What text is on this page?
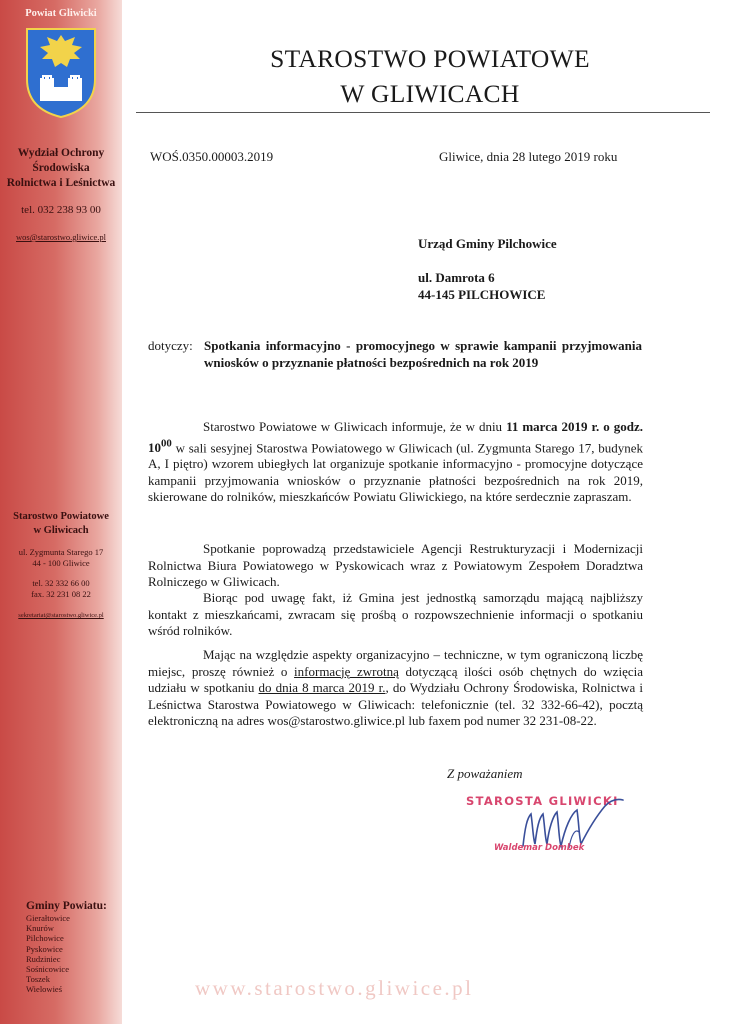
Powiat Gliwicki
Wydział Ochrony
Środowiska
Rolnictwa i Leśnictwa
tel. 032 238 93 00
wos@starostwo.gliwice.pl
Starostwo Powiatowe
w Gliwicach
ul. Zygmunta Starego 17
44 - 100 Gliwice
tel. 32 332 66 00
fax. 32 231 08 22
sekretariat@starostwo.gliwice.pl
Gminy Powiatu:
Gierałtowice
Knurów
Pilchowice
Pyskowice
Rudziniec
Sośnicowice
Toszek
Wielowieś
STAROSTWO POWIATOWE
W GLIWICACH
WOŚ.0350.00003.2019	Gliwice, dnia 28 lutego 2019 roku
Urząd Gminy Pilchowice
ul. Damrota 6
44-145 PILCHOWICE
dotyczy: Spotkania informacyjno - promocyjnego w sprawie kampanii przyjmowania wniosków o przyznanie płatności bezpośrednich na rok 2019
Starostwo Powiatowe w Gliwicach informuje, że w dniu 11 marca 2019 r. o godz. $10^{00}$ w sali sesyjnej Starostwa Powiatowego w Gliwicach (ul. Zygmunta Starego 17, budynek A, I piętro) wzorem ubiegłych lat organizuje spotkanie informacyjno - promocyjne dotyczące kampanii przyjmowania wniosków o przyznanie płatności bezpośrednich na rok 2019, skierowane do rolników, mieszkańców Powiatu Gliwickiego, na które serdecznie zapraszam.
Spotkanie poprowadzą przedstawiciele Agencji Restrukturyzacji i Modernizacji Rolnictwa Biura Powiatowego w Pyskowicach wraz z Powiatowym Zespołem Doradztwa Rolniczego w Gliwicach.
Biorąc pod uwagę fakt, iż Gmina jest jednostką samorządu mającą najbliższy kontakt z mieszkańcami, zwracam się prośbą o rozpowszechnienie informacji o spotkaniu wśród rolników.
Mając na względzie aspekty organizacyjno – techniczne, w tym ograniczoną liczbę miejsc, proszę również o informację zwrotną dotyczącą ilości osób chętnych do wzięcia udziału w spotkaniu do dnia 8 marca 2019 r., do Wydziału Ochrony Środowiska, Rolnictwa i Leśnictwa Starostwa Powiatowego w Gliwicach: telefonicznie (tel. 32 332-66-42), pocztą elektroniczną na adres wos@starostwo.gliwice.pl lub faxem pod numer 32 231-08-22.
Z poważaniem
STAROSTA GLIWICKI
Waldemar Dombek
www.starostwo.gliwice.pl
